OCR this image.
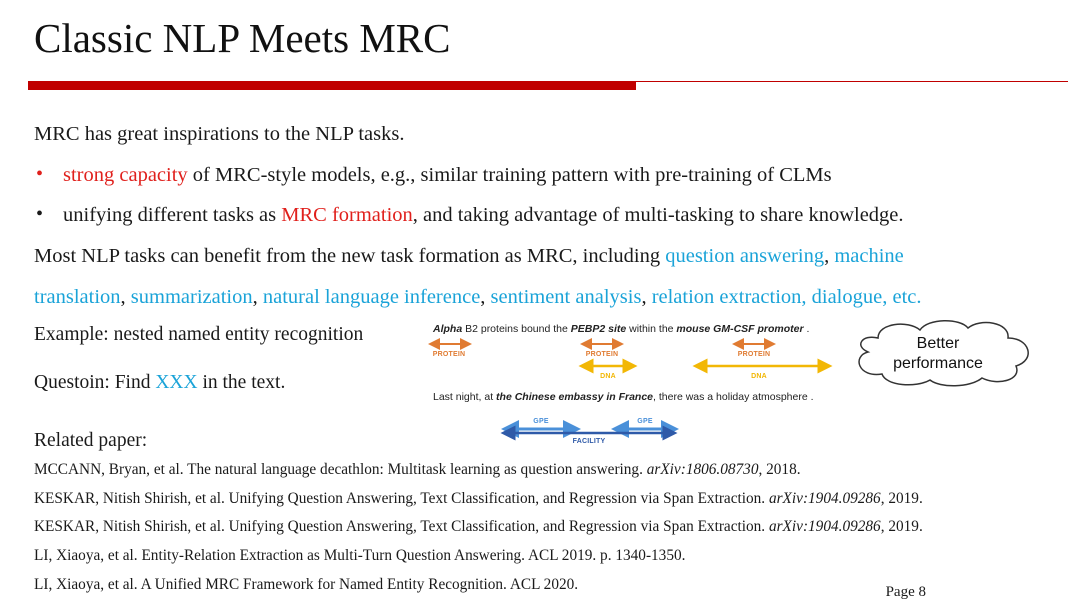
Classic NLP Meets MRC
MRC has great inspirations to the NLP tasks.
• strong capacity of MRC-style models, e.g., similar training pattern with pre-training of CLMs
• unifying different tasks as MRC formation, and taking advantage of multi-tasking to share knowledge.
Most NLP tasks can benefit from the new task formation as MRC, including question answering, machine
translation, summarization, natural language inference, sentiment analysis, relation extraction, dialogue, etc.
Example: nested named entity recognition
Questoin: Find XXX in the text.
Alpha B2 proteins bound the PEBP2 site within the mouse GM-CSF promoter .
PROTEIN	PROTEIN	PROTEIN
DNA	DNA
Last night, at the Chinese embassy in France, there was a holiday atmosphere .
GPE	GPE
FACILITY
Better
performance
Related paper:
MCCANN, Bryan, et al. The natural language decathlon: Multitask learning as question answering. arXiv:1806.08730, 2018.
KESKAR, Nitish Shirish, et al. Unifying Question Answering, Text Classification, and Regression via Span Extraction. arXiv:1904.09286, 2019.
KESKAR, Nitish Shirish, et al. Unifying Question Answering, Text Classification, and Regression via Span Extraction. arXiv:1904.09286, 2019.
LI, Xiaoya, et al. Entity-Relation Extraction as Multi-Turn Question Answering. ACL 2019. p. 1340-1350.
LI, Xiaoya, et al. A Unified MRC Framework for Named Entity Recognition. ACL 2020.	Page 8
